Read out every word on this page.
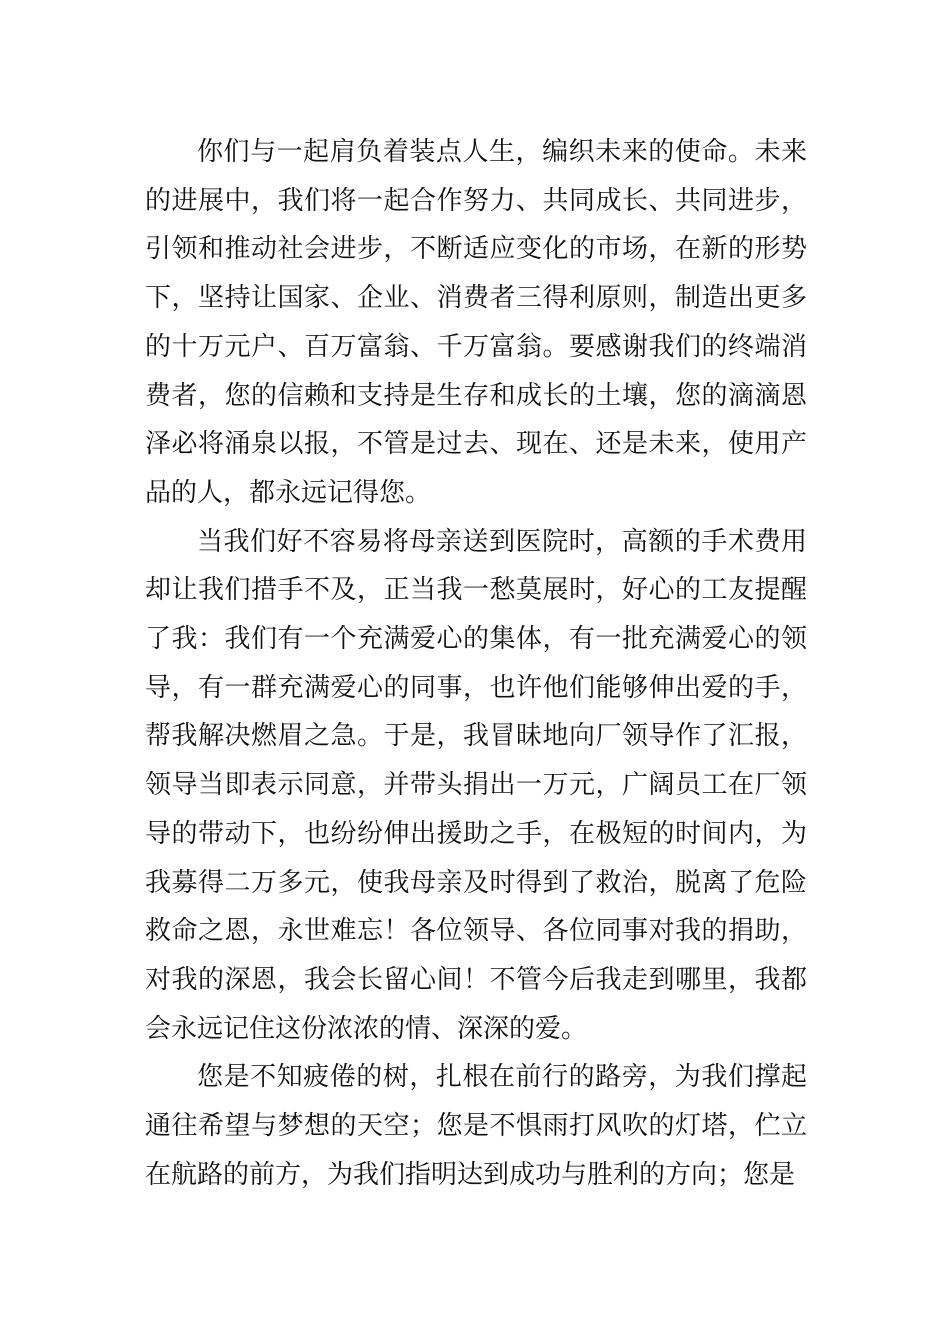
你们与一起肩负着装点人生，编织未来的使命。未来的进展中，我们将一起合作努力、共同成长、共同进步，引领和推动社会进步，不断适应变化的市场，在新的形势下，坚持让国家、企业、消费者三得利原则，制造出更多的十万元户、百万富翁、千万富翁。要感谢我们的终端消费者，您的信赖和支持是生存和成长的土壤，您的滴滴恩泽必将涌泉以报，不管是过去、现在、还是未来，使用产品的人，都永远记得您。

当我们好不容易将母亲送到医院时，高额的手术费用却让我们措手不及，正当我一愁莫展时，好心的工友提醒了我：我们有一个充满爱心的集体，有一批充满爱心的领导，有一群充满爱心的同事，也许他们能够伸出爱的手，帮我解决燃眉之急。于是，我冒昧地向厂领导作了汇报，领导当即表示同意，并带头捐出一万元，广阔员工在厂领导的带动下，也纷纷伸出援助之手，在极短的时间内，为我募得二万多元，使我母亲及时得到了救治，脱离了危险 救命之恩，永世难忘！各位领导、各位同事对我的捐助，对我的深恩，我会长留心间！不管今后我走到哪里，我都会永远记住这份浓浓的情、深深的爱。

您是不知疲倦的树，扎根在前行的路旁，为我们撑起通往希望与梦想的天空；您是不惧雨打风吹的灯塔，伫立在航路的前方，为我们指明达到成功与胜利的方向；您是
